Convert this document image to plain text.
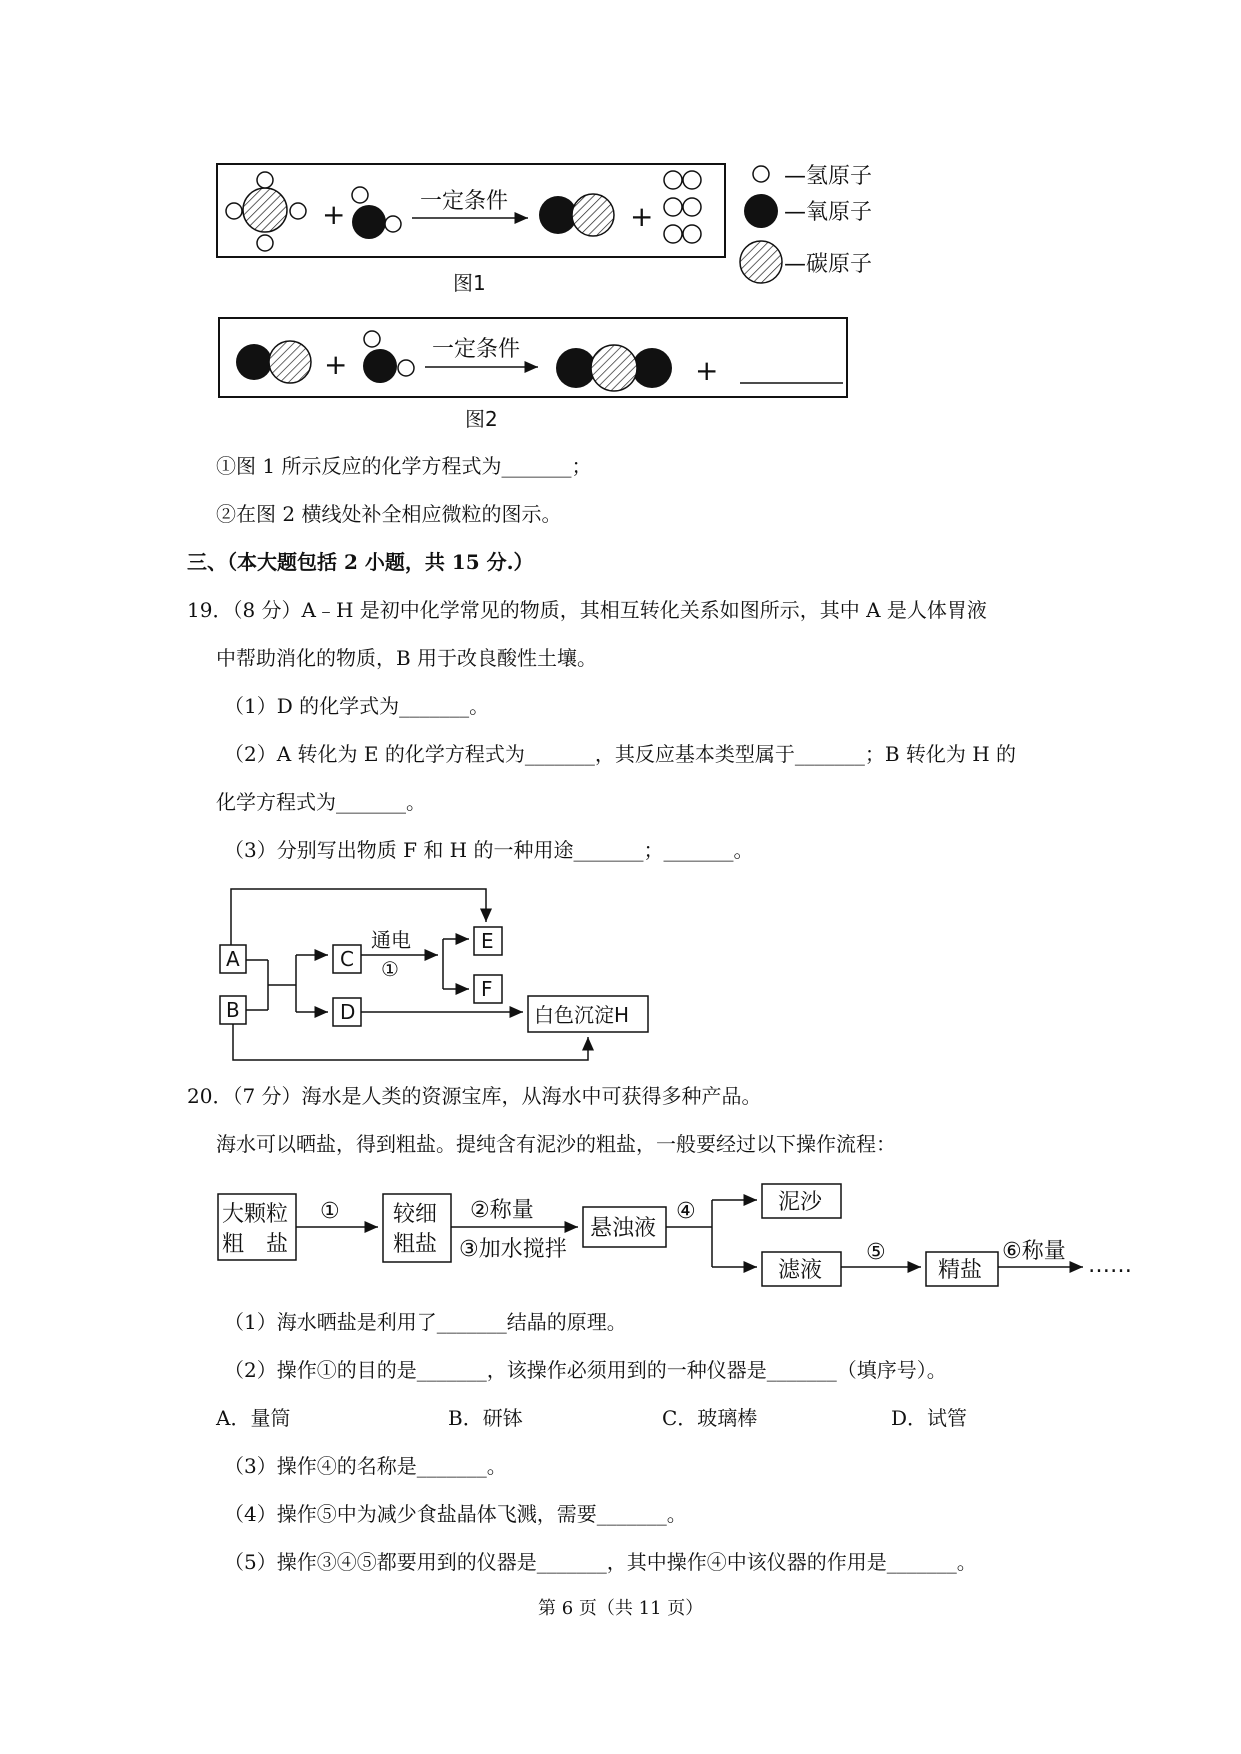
+	一定条件	+
图1
—氢原子
—氧原子
—碳原子
+	一定条件
+
图2
A
B
C
D
E
F
白色沉淀H
通电
①
大颗粒
粗　盐
① 较细
粗盐
②称量
③加水搅拌
悬浊液
④	泥沙
滤液
⑤
精盐
⑥称量
……
①图 1 所示反应的化学方程式为_______；
②在图 2 横线处补全相应微粒的图示。
三、（本大题包括 2 小题，共 15 分.）
19．（8 分）A﹣H 是初中化学常见的物质，其相互转化关系如图所示，其中 A 是人体胃液
中帮助消化的物质，B 用于改良酸性土壤。
（1）D 的化学式为_______。
（2）A 转化为 E 的化学方程式为_______，其反应基本类型属于_______；B 转化为 H 的
化学方程式为_______。
（3）分别写出物质 F 和 H 的一种用途_______；_______。
20．（7 分）海水是人类的资源宝库，从海水中可获得多种产品。
海水可以晒盐，得到粗盐。提纯含有泥沙的粗盐，一般要经过以下操作流程：
（1）海水晒盐是利用了_______结晶的原理。
（2）操作①的目的是_______，该操作必须用到的一种仪器是_______（填序号）。
A．量筒	B．研钵	C．玻璃棒	D．试管
（3）操作④的名称是_______。
（4）操作⑤中为减少食盐晶体飞溅，需要_______。
（5）操作③④⑤都要用到的仪器是_______，其中操作④中该仪器的作用是_______。
第 6 页（共 11 页）
